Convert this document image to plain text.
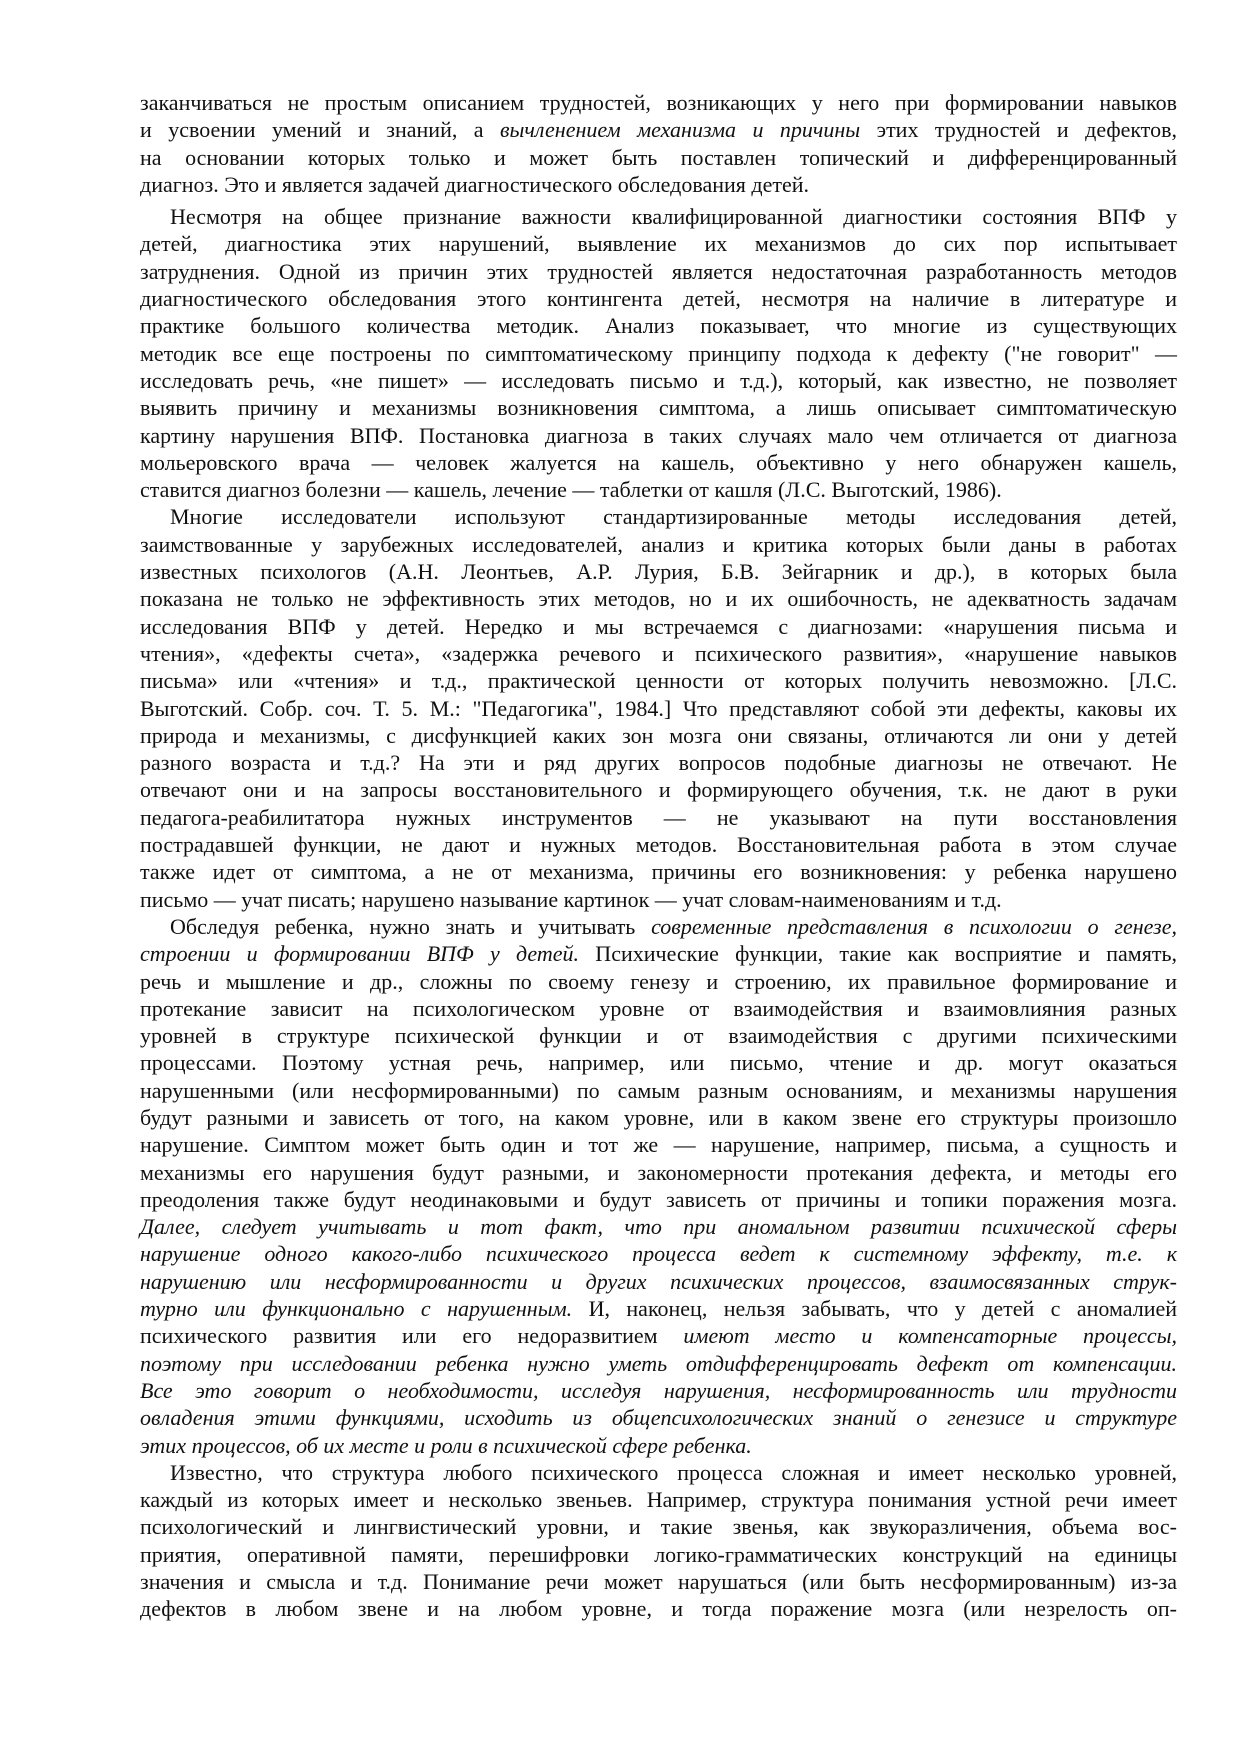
заканчиваться не простым описанием трудностей, возникающих у него при формировании навыков
и усвоении умений и знаний, а вычленением механизма и причины этих трудностей и дефектов,
на основании которых только и может быть поставлен топический и дифференцированный
диагноз. Это и является задачей диагностического обследования детей.
Несмотря на общее признание важности квалифицированной диагностики состояния ВПФ у
детей, диагностика этих нарушений, выявление их механизмов до сих пор испытывает
затруднения. Одной из причин этих трудностей является недостаточная разработанность методов
диагностического обследования этого контингента детей, несмотря на наличие в литературе и
практике большого количества методик. Анализ показывает, что многие из существующих
методик все еще построены по симптоматическому принципу подхода к дефекту ("не говорит" —
исследовать речь, «не пишет» — исследовать письмо и т.д.), который, как известно, не позволяет
выявить причину и механизмы возникновения симптома, а лишь описывает симптоматическую
картину нарушения ВПФ. Постановка диагноза в таких случаях мало чем отличается от диагноза
мольеровского врача — человек жалуется на кашель, объективно у него обнаружен кашель,
ставится диагноз болезни — кашель, лечение — таблетки от кашля (Л.С. Выготский, 1986).
Многие исследователи используют стандартизированные методы исследования детей,
заимствованные у зарубежных исследователей, анализ и критика которых были даны в работах
известных психологов (А.Н. Леонтьев, А.Р. Лурия, Б.В. Зейгарник и др.), в которых была
показана не только не эффективность этих методов, но и их ошибочность, не адекватность задачам
исследования ВПФ у детей. Нередко и мы встречаемся с диагнозами: «нарушения письма и
чтения», «дефекты счета», «задержка речевого и психического развития», «нарушение навыков
письма» или «чтения» и т.д., практической ценности от которых получить невозможно. [Л.С.
Выготский. Собр. соч. Т. 5. М.: "Педагогика", 1984.] Что представляют собой эти дефекты, каковы их
природа и механизмы, с дисфункцией каких зон мозга они связаны, отличаются ли они у детей
разного возраста и т.д.? На эти и ряд других вопросов подобные диагнозы не отвечают. Не
отвечают они и на запросы восстановительного и формирующего обучения, т.к. не дают в руки
педагога-реабилитатора нужных инструментов — не указывают на пути восстановления
пострадавшей функции, не дают и нужных методов. Восстановительная работа в этом случае
также идет от симптома, а не от механизма, причины его возникновения: у ребенка нарушено
письмо — учат писать; нарушено называние картинок — учат словам-наименованиям и т.д.
Обследуя ребенка, нужно знать и учитывать современные представления в психологии о генезе,
строении и формировании ВПФ у детей. Психические функции, такие как восприятие и память,
речь и мышление и др., сложны по своему генезу и строению, их правильное формирование и
протекание зависит на психологическом уровне от взаимодействия и взаимовлияния разных
уровней в структуре психической функции и от взаимодействия с другими психическими
процессами. Поэтому устная речь, например, или письмо, чтение и др. могут оказаться
нарушенными (или несформированными) по самым разным основаниям, и механизмы нарушения
будут разными и зависеть от того, на каком уровне, или в каком звене его структуры произошло
нарушение. Симптом может быть один и тот же — нарушение, например, письма, а сущность и
механизмы его нарушения будут разными, и закономерности протекания дефекта, и методы его
преодоления также будут неодинаковыми и будут зависеть от причины и топики поражения мозга.
Далее, следует учитывать и тот факт, что при аномальном развитии психической сферы
нарушение одного какого-либо психического процесса ведет к системному эффекту, т.е. к
нарушению или несформированности и других психических процессов, взаимосвязанных струк-
турно или функционально с нарушенным. И, наконец, нельзя забывать, что у детей с аномалией
психического развития или его недоразвитием имеют место и компенсаторные процессы,
поэтому при исследовании ребенка нужно уметь отдифференцировать дефект от компенсации.
Все это говорит о необходимости, исследуя нарушения, несформированность или трудности
овладения этими функциями, исходить из общепсихологических знаний о генезисе и структуре
этих процессов, об их месте и роли в психической сфере ребенка.
Известно, что структура любого психического процесса сложная и имеет несколько уровней,
каждый из которых имеет и несколько звеньев. Например, структура понимания устной речи имеет
психологический и лингвистический уровни, и такие звенья, как звукоразличения, объема вос-
приятия, оперативной памяти, перешифровки логико-грамматических конструкций на единицы
значения и смысла и т.д. Понимание речи может нарушаться (или быть несформированным) из-за
дефектов в любом звене и на любом уровне, и тогда поражение мозга (или незрелость оп-
